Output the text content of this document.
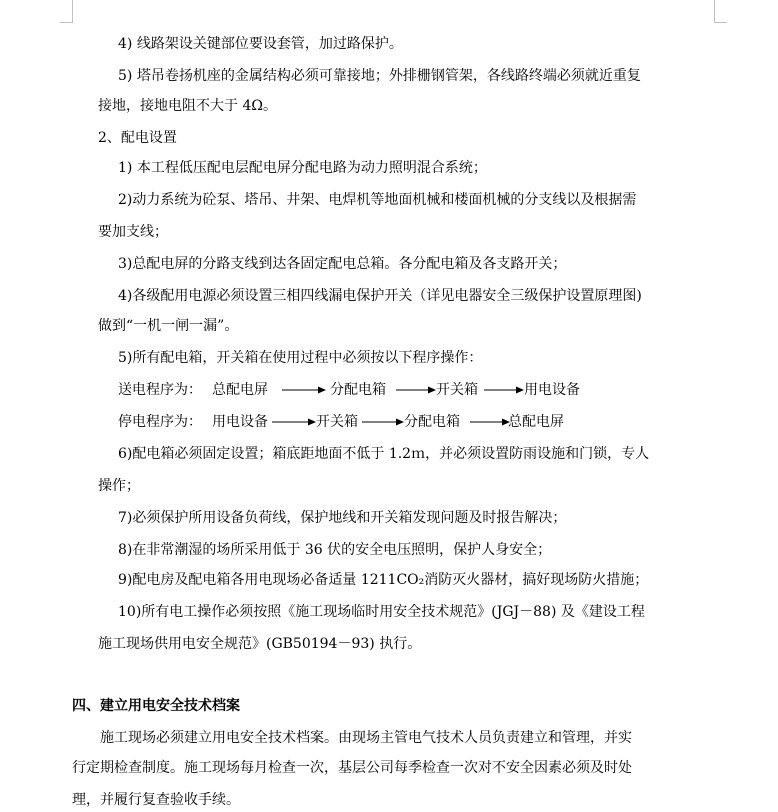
4) 线路架设关键部位要设套管，加过路保护。
5) 塔吊卷扬机座的金属结构必须可靠接地；外排栅钢管架，各线路终端必须就近重复
接地，接地电阻不大于 4Ω。
2、配电设置
1) 本工程低压配电层配电屏分配电路为动力照明混合系统；
2)动力系统为砼泵、塔吊、井架、电焊机等地面机械和楼面机械的分支线以及根据需
要加支线；
3)总配电屏的分路支线到达各固定配电总箱。各分配电箱及各支路开关；
4)各级配用电源必须设置三相四线漏电保护开关（详见电器安全三级保护设置原理图)
做到“一机一闸一漏”。
5)所有配电箱，开关箱在使用过程中必须按以下程序操作：
送电程序为： 总配电屏	分配电箱	开关箱	用电设备
停电程序为： 用电设备	开关箱	分配电箱	总配电屏
6)配电箱必须固定设置；箱底距地面不低于 1.2ｍ，并必须设置防雨设施和门锁，专人
操作；
7)必须保护所用设备负荷线，保护地线和开关箱发现问题及时报告解决；
8)在非常潮湿的场所采用低于 36 伏的安全电压照明，保护人身安全；
9)配电房及配电箱各用电现场必备适量 1211CO₂消防灭火器材，搞好现场防火措施；
10)所有电工操作必须按照《施工现场临时用安全技术规范》(JGJ－88) 及《建设工程
施工现场供用电安全规范》(GB50194－93) 执行。
四、建立用电安全技术档案
施工现场必须建立用电安全技术档案。由现场主管电气技术人员负责建立和管理，并实
行定期检查制度。施工现场每月检查一次，基层公司每季检查一次对不安全因素必须及时处
理，并履行复查验收手续。
